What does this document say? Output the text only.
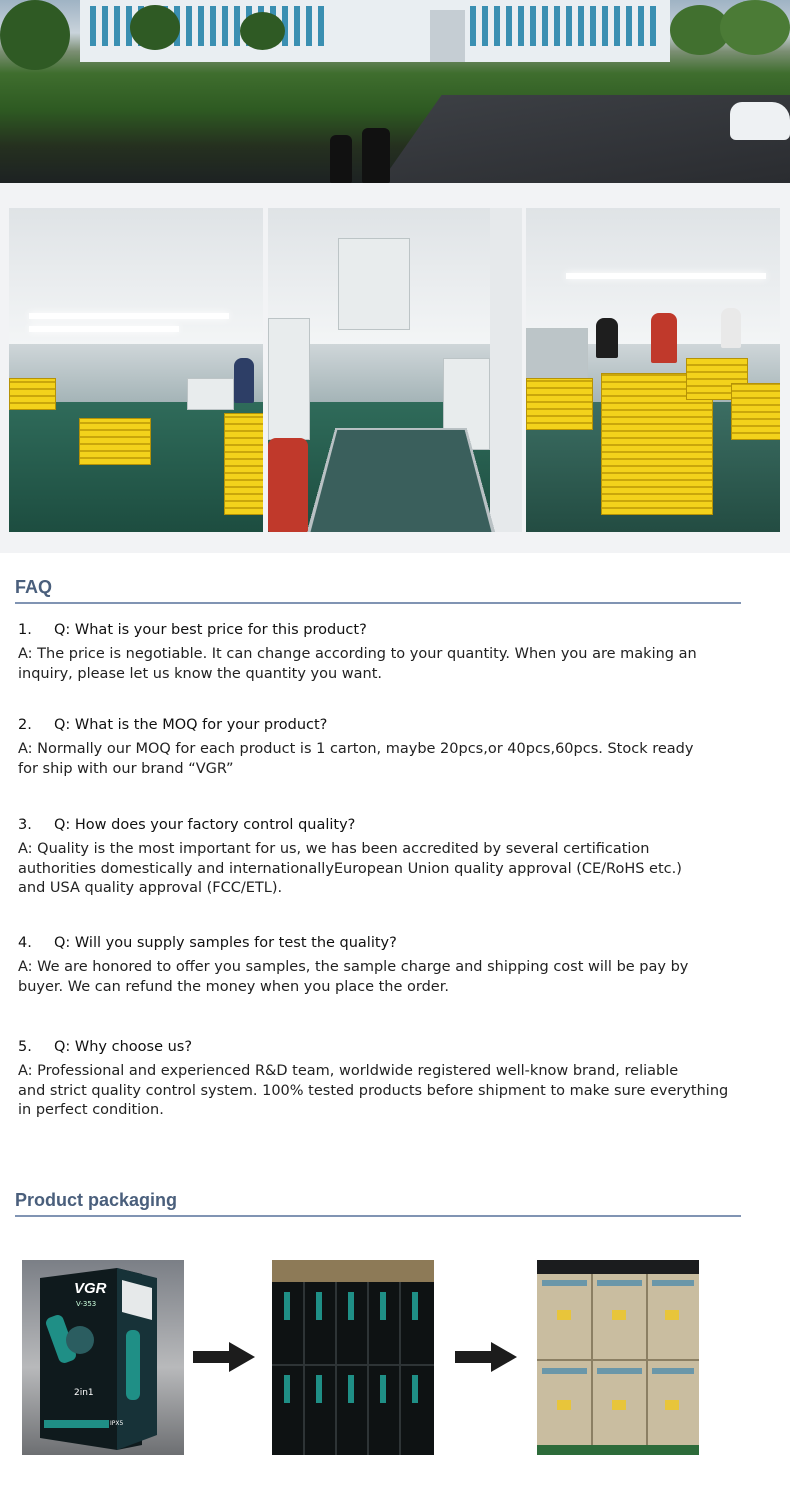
FAQ
1. Q: What is your best price for this product?
A: The price is negotiable. It can change according to your quantity. When you are making an
inquiry, please let us know the quantity you want.
2. Q: What is the MOQ for your product?
A: Normally our MOQ for each product is 1 carton, maybe 20pcs,or 40pcs,60pcs. Stock ready
for ship with our brand “VGR”
3. Q: How does your factory control quality?
A: Quality is the most important for us, we has been accredited by several certification
authorities domestically and internationallyEuropean Union quality approval (CE/RoHS etc.)
and USA quality approval (FCC/ETL).
4. Q: Will you supply samples for test the quality?
A: We are honored to offer you samples, the sample charge and shipping cost will be pay by
buyer. We can refund the money when you place the order.
5. Q: Why choose us?
A: Professional and experienced R&D team, worldwide registered well-know brand, reliable
and strict quality control system. 100% tested products before shipment to make sure everything
in perfect condition.
Product packaging
VGR
V-353
2in1
IPX5
